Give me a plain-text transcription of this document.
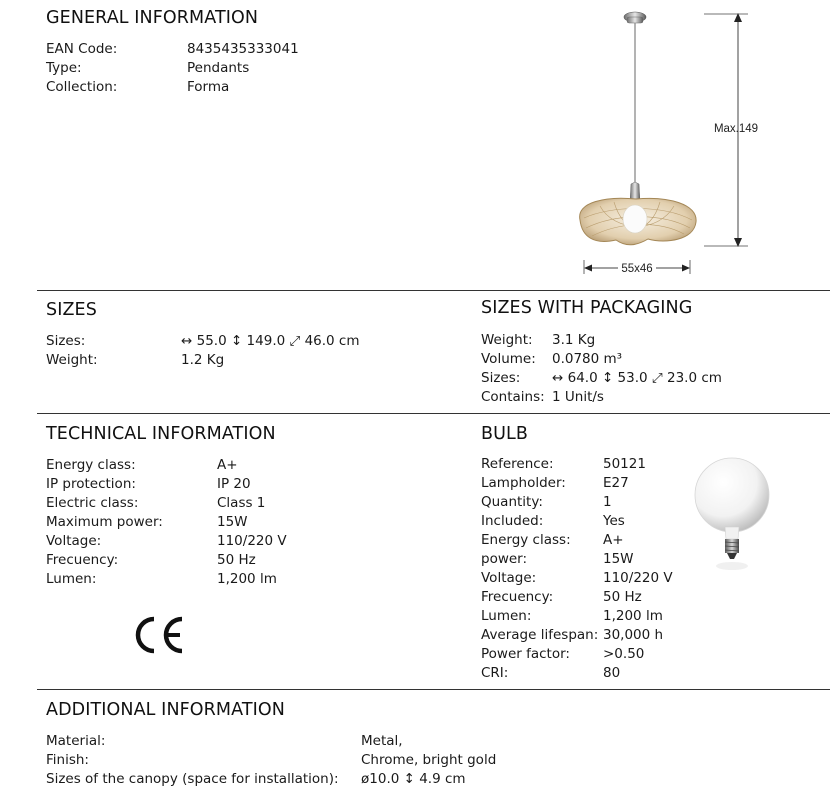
GENERAL INFORMATION
EAN Code:	8435435333041
Type:	Pendants
Collection:	Forma
Max.149
55x46
SIZES
Sizes:	↔ 55.0 ↕ 149.0 ⤢ 46.0 cm
Weight:	1.2 Kg
SIZES WITH PACKAGING
Weight: 3.1 Kg
Volume: 0.0780 m³
Sizes: ↔ 64.0 ↕ 53.0 ⤢ 23.0 cm
Contains: 1 Unit/s
TECHNICAL INFORMATION
Energy class:	A+
IP protection:	IP 20
Electric class:	Class 1
Maximum power:	15W
Voltage:	110/220 V
Frecuency:	50 Hz
Lumen:	1,200 lm
BULB
Reference:	50121
Lampholder:	E27
Quantity:	1
Included:	Yes
Energy class: A+
power:	15W
Voltage:	110/220 V
Frecuency:	50 Hz
Lumen:	1,200 lm
Average lifespan: 30,000 h
Power factor: >0.50
CRI:	80
ADDITIONAL INFORMATION
Material:	Metal,
Finish:	Chrome, bright gold
Sizes of the canopy (space for installation): ø10.0 ↕ 4.9 cm
